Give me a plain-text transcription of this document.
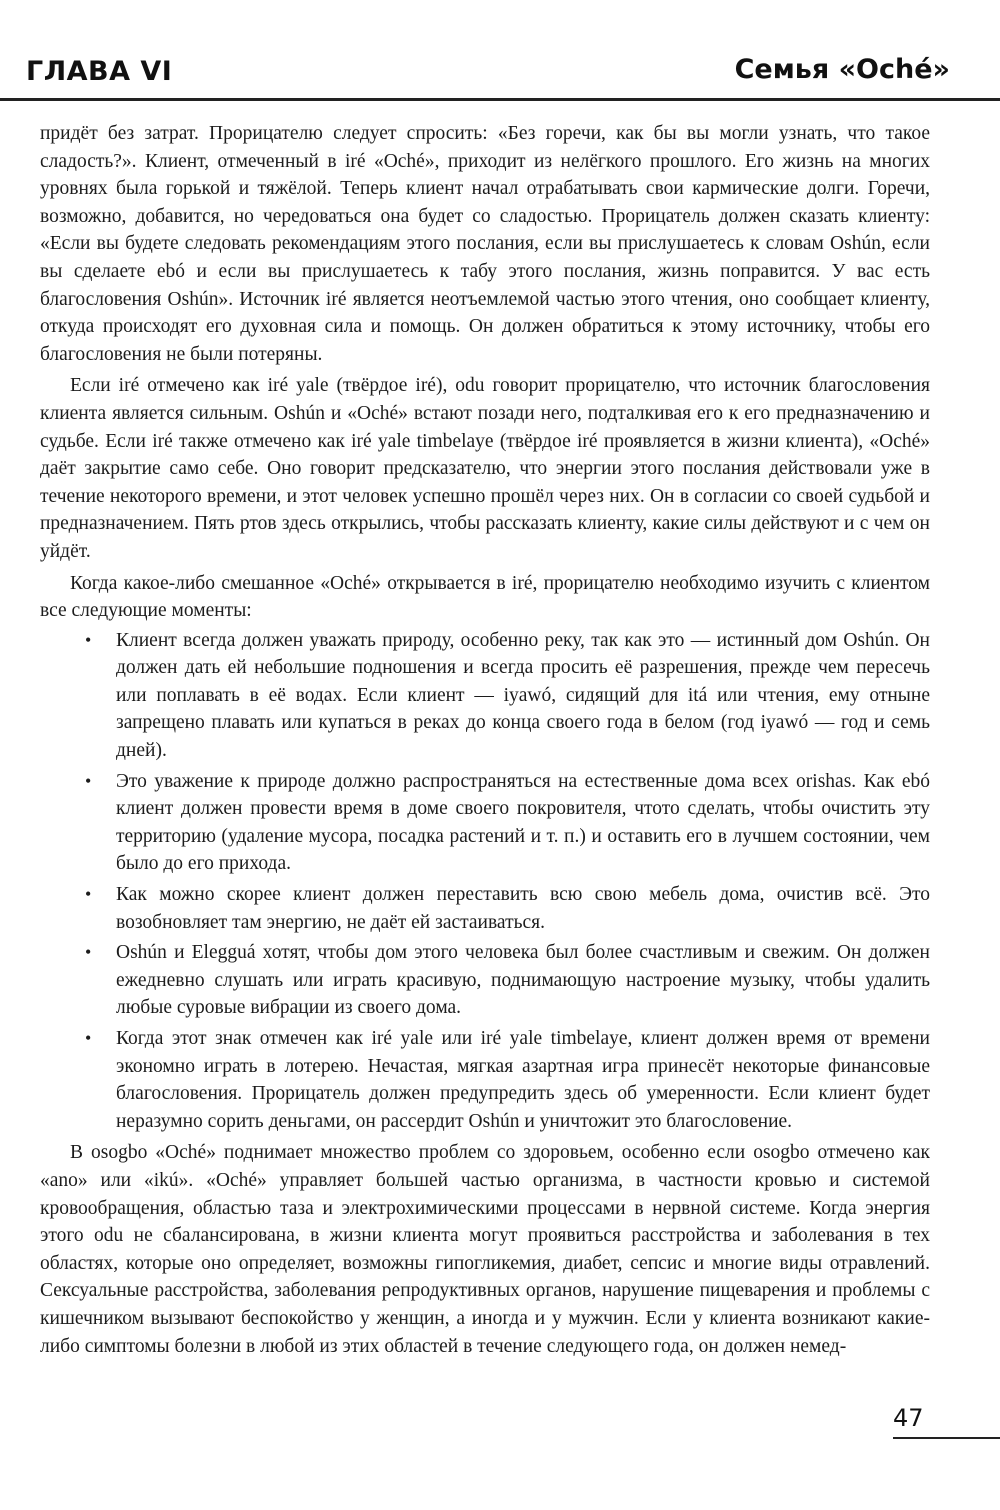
ГЛАВА VI	Семья «Oché»

придёт без затрат. Прорицателю следует спросить: «Без горечи, как бы вы могли узнать, что такое сладость?». Клиент, отмеченный в iré «Oché», приходит из нелёгкого прошлого. Его жизнь на многих уровнях была горькой и тяжёлой. Теперь клиент начал отрабатывать свои кармические долги. Горечи, возможно, добавится, но чередоваться она будет со сладостью. Прорицатель должен сказать клиенту: «Если вы будете следовать рекомендациям этого послания, если вы прислушаетесь к словам Oshún, если вы сделаете ebó и если вы прислушаетесь к табу этого послания, жизнь поправится. У вас есть благословения Oshún». Источник iré является неотъемлемой частью этого чтения, оно сообщает клиенту, откуда происходят его духовная сила и помощь. Он должен обратиться к этому источнику, чтобы его благословения не были потеряны.

Если iré отмечено как iré yale (твёрдое iré), odu говорит прорицателю, что источник благословения клиента является сильным. Oshún и «Oché» встают позади него, подталкивая его к его предназначению и судьбе. Если iré также отмечено как iré yale timbelaye (твёрдое iré проявляется в жизни клиента), «Oché» даёт закрытие само себе. Оно говорит предсказателю, что энергии этого послания действовали уже в течение некоторого времени, и этот человек успешно прошёл через них. Он в согласии со своей судьбой и предназначением. Пять ртов здесь открылись, чтобы рассказать клиенту, какие силы действуют и с чем он уйдёт.

Когда какое-либо смешанное «Oché» открывается в iré, прорицателю необходимо изучить с клиентом все следующие моменты:

• Клиент всегда должен уважать природу, особенно реку, так как это — истинный дом Oshún. Он должен дать ей небольшие подношения и всегда просить её разрешения, прежде чем пересечь или поплавать в её водах. Если клиент — iyawó, сидящий для itá или чтения, ему отныне запрещено плавать или купаться в реках до конца своего года в белом (год iyawó — год и семь дней).
• Это уважение к природе должно распространяться на естественные дома всех orishas. Как ebó клиент должен провести время в доме своего покровителя, чтото сделать, чтобы очистить эту территорию (удаление мусора, посадка растений и т. п.) и оставить его в лучшем состоянии, чем было до его прихода.
• Как можно скорее клиент должен переставить всю свою мебель дома, очистив всё. Это возобновляет там энергию, не даёт ей застаиваться.
• Oshún и Elegguá хотят, чтобы дом этого человека был более счастливым и свежим. Он должен ежедневно слушать или играть красивую, поднимающую настроение музыку, чтобы удалить любые суровые вибрации из своего дома.
• Когда этот знак отмечен как iré yale или iré yale timbelaye, клиент должен время от времени экономно играть в лотерею. Нечастая, мягкая азартная игра принесёт некоторые финансовые благословения. Прорицатель должен предупредить здесь об умеренности. Если клиент будет неразумно сорить деньгами, он рассердит Oshún и уничтожит это благословение.

В osogbo «Oché» поднимает множество проблем со здоровьем, особенно если osogbo отмечено как «ano» или «ikú». «Oché» управляет большей частью организма, в частности кровью и системой кровообращения, областью таза и электрохимическими процессами в нервной системе. Когда энергия этого odu не сбалансирована, в жизни клиента могут проявиться расстройства и заболевания в тех областях, которые оно определяет, возможны гипогликемия, диабет, сепсис и многие виды отравлений. Сексуальные расстройства, заболевания репродуктивных органов, нарушение пищеварения и проблемы с кишечником вызывают беспокойство у женщин, а иногда и у мужчин. Если у клиента возникают какие-либо симптомы болезни в любой из этих областей в течение следующего года, он должен немед-

47
